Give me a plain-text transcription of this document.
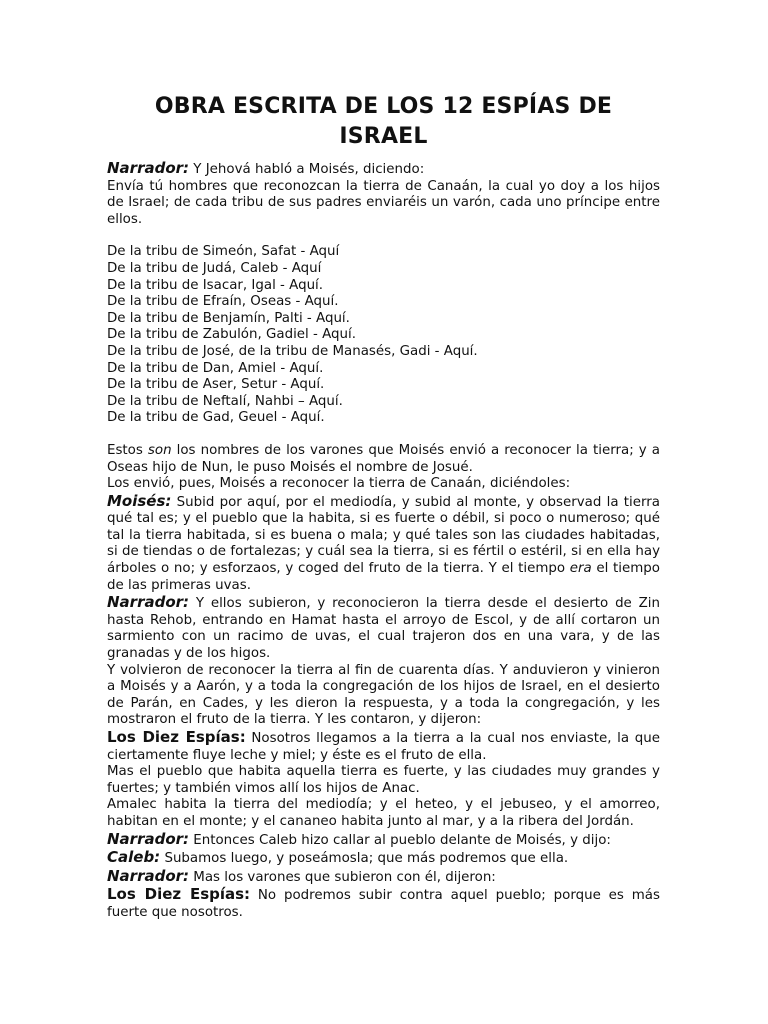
OBRA ESCRITA DE LOS 12 ESPÍAS DE ISRAEL

Narrador: Y Jehová habló a Moisés, diciendo:

Envía tú hombres que reconozcan la tierra de Canaán, la cual yo doy a los hijos de Israel; de cada tribu de sus padres enviaréis un varón, cada uno príncipe entre ellos.

De la tribu de Simeón, Safat - Aquí

De la tribu de Judá, Caleb - Aquí

De la tribu de Isacar, Igal - Aquí.

De la tribu de Efraín, Oseas - Aquí.

De la tribu de Benjamín, Palti - Aquí.

De la tribu de Zabulón, Gadiel - Aquí.

De la tribu de José, de la tribu de Manasés, Gadi - Aquí.

De la tribu de Dan, Amiel - Aquí.

De la tribu de Aser, Setur - Aquí.

De la tribu de Neftalí, Nahbi – Aquí.

De la tribu de Gad, Geuel - Aquí.

Estos son los nombres de los varones que Moisés envió a reconocer la tierra; y a Oseas hijo de Nun, le puso Moisés el nombre de Josué.

Los envió, pues, Moisés a reconocer la tierra de Canaán, diciéndoles:

Moisés: Subid por aquí, por el mediodía, y subid al monte, y observad la tierra qué tal es; y el pueblo que la habita, si es fuerte o débil, si poco o numeroso; qué tal la tierra habitada, si es buena o mala; y qué tales son las ciudades habitadas, si de tiendas o de fortalezas; y cuál sea la tierra, si es fértil o estéril, si en ella hay árboles o no; y esforzaos, y coged del fruto de la tierra. Y el tiempo era el tiempo de las primeras uvas.

Narrador: Y ellos subieron, y reconocieron la tierra desde el desierto de Zin hasta Rehob, entrando en Hamat hasta el arroyo de Escol, y de allí cortaron un sarmiento con un racimo de uvas, el cual trajeron dos en una vara, y de las granadas y de los higos.

Y volvieron de reconocer la tierra al fin de cuarenta días. Y anduvieron y vinieron a Moisés y a Aarón, y a toda la congregación de los hijos de Israel, en el desierto de Parán, en Cades, y les dieron la respuesta, y a toda la congregación, y les mostraron el fruto de la tierra. Y les contaron, y dijeron:

Los Diez Espías: Nosotros llegamos a la tierra a la cual nos enviaste, la que ciertamente fluye leche y miel; y éste es el fruto de ella.

Mas el pueblo que habita aquella tierra es fuerte, y las ciudades muy grandes y fuertes; y también vimos allí los hijos de Anac.

Amalec habita la tierra del mediodía; y el heteo, y el jebuseo, y el amorreo, habitan en el monte; y el cananeo habita junto al mar, y a la ribera del Jordán.

Narrador: Entonces Caleb hizo callar al pueblo delante de Moisés, y dijo:

Caleb: Subamos luego, y poseámosla; que más podremos que ella.

Narrador: Mas los varones que subieron con él, dijeron:

Los Diez Espías: No podremos subir contra aquel pueblo; porque es más fuerte que nosotros.
